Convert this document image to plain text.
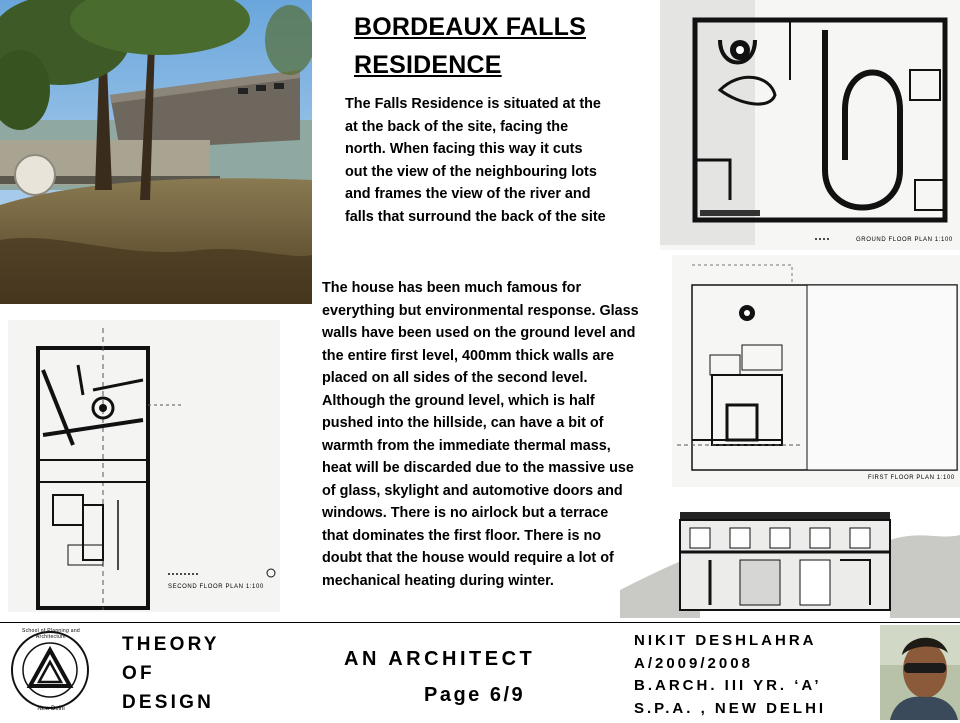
BORDEAUX FALLS
RESIDENCE
The Falls Residence is situated at the
at the back of the site, facing the
north. When facing this way it cuts
out the view of the neighbouring lots
and frames the view of the river and
falls that surround the back of the site
The house has been much famous for
everything but environmental response. Glass
walls have been used on the ground level and
the entire first level, 400mm thick walls are
placed on all sides of the second level.
Although the ground level, which is half
pushed into the hillside, can have a bit of
warmth from the immediate thermal mass,
heat will be discarded due to the massive use
of glass, skylight and automotive doors and
windows. There is no airlock but a terrace
that dominates the first floor. There is no
doubt that the house would require a lot of
mechanical heating during winter.
GROUND FLOOR PLAN 1:100
FIRST FLOOR PLAN 1:100
SECOND FLOOR PLAN 1:100
School of Planning and Architecture
New Delhi
THEORY
OF
DESIGN
AN ARCHITECT
Page 6/9
NIKIT DESHLAHRA
A/2009/2008
B.ARCH. III YR. ‘A’
S.P.A. , NEW DELHI
